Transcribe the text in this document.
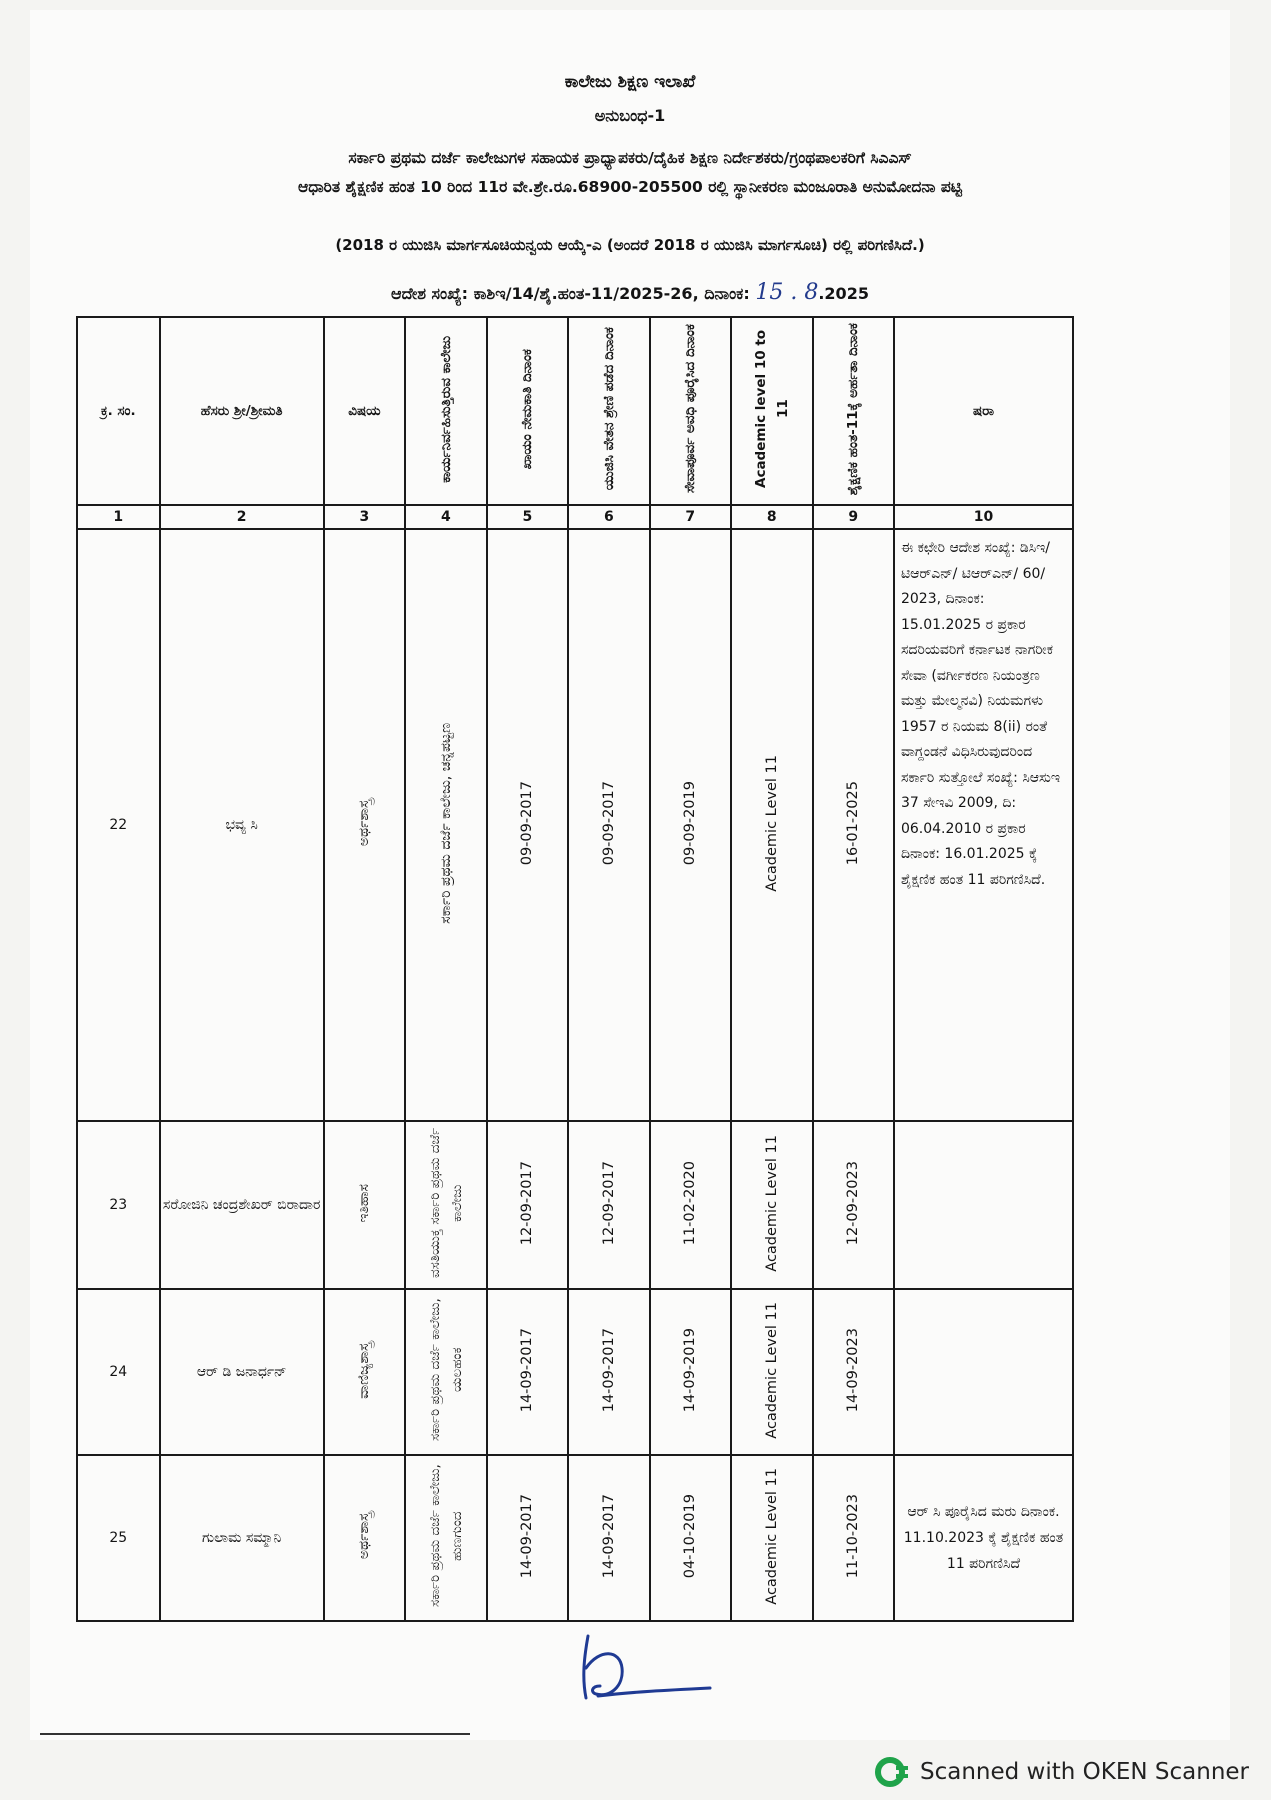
ಕಾಲೇಜು ಶಿಕ್ಷಣ ಇಲಾಖೆ
ಅನುಬಂಧ-1
ಸರ್ಕಾರಿ ಪ್ರಥಮ ದರ್ಜೆ ಕಾಲೇಜುಗಳ ಸಹಾಯಕ ಪ್ರಾಧ್ಯಾಪಕರು/ದೈಹಿಕ ಶಿಕ್ಷಣ ನಿರ್ದೇಶಕರು/ಗ್ರಂಥಪಾಲಕರಿಗೆ ಸಿಎಎಸ್
ಆಧಾರಿತ ಶೈಕ್ಷಣಿಕ ಹಂತ 10 ರಿಂದ 11ರ ವೇ.ಶ್ರೇ.ರೂ.68900-205500 ರಲ್ಲಿ ಸ್ಥಾನೀಕರಣ ಮಂಜೂರಾತಿ ಅನುಮೋದನಾ ಪಟ್ಟಿ
(2018 ರ ಯುಜಿಸಿ ಮಾರ್ಗಸೂಚಿಯನ್ವಯ ಆಯ್ಕೆ-ಎ (ಅಂದರೆ 2018 ರ ಯುಜಿಸಿ ಮಾರ್ಗಸೂಚಿ) ರಲ್ಲಿ ಪರಿಗಣಿಸಿದೆ.)
ಆದೇಶ ಸಂಖ್ಯೆ: ಕಾಶಿಇ/14/ಶೈ.ಹಂತ-11/2025-26, ದಿನಾಂಕ: 15 . 8.2025
ಕ್ರ. ಸಂ.	ಹೆಸರು ಶ್ರೀ/ಶ್ರೀಮತಿ	ವಿಷಯ	ಕಾರ್ಯನಿರ್ವಹಿಸುತ್ತಿರುವ ಕಾಲೇಜು	ಖಾಯಂ ನೇಮಕಾತಿ ದಿನಾಂಕ	ಯುಜಿಸಿ ವೇತನ ಶ್ರೇಣಿ ಪಡೆದ ದಿನಾಂಕ	ಸೇವಾಪೂರ್ವ ಅವಧಿ ಪೂರೈಸಿದ ದಿನಾಂಕ	Academic level 10 to 11	ಶೈಕ್ಷಣಿಕ ಹಂತ-11ಕ್ಕೆ ಅರ್ಹತಾ ದಿನಾಂಕ	ಷರಾ
1	2	3	4	5	6	7	8	9	10
22	ಭವ್ಯ ಸಿ	ಅರ್ಥಶಾಸ್ತ್ರ	ಸರ್ಕಾರಿ ಪ್ರಥಮ ದರ್ಜೆ ಕಾಲೇಜು, ಚನ್ನಪಟ್ಟಣ	09-09-2017	09-09-2017	09-09-2019	Academic Level 11	16-01-2025	ಈ ಕಛೇರಿ ಆದೇಶ ಸಂಖ್ಯೆ: ಡಿಸಿಇ/ ಟಿಆರ್‌ಎನ್/ ಟಿಆರ್‌ಎನ್/ 60/ 2023, ದಿನಾಂಕ: 15.01.2025 ರ ಪ್ರಕಾರ ಸದರಿಯವರಿಗೆ ಕರ್ನಾಟಕ ನಾಗರೀಕ ಸೇವಾ (ವರ್ಗೀಕರಣ ನಿಯಂತ್ರಣ ಮತ್ತು ಮೇಲ್ಮನವಿ) ನಿಯಮಗಳು 1957 ರ ನಿಯಮ 8(ii) ರಂತೆ ವಾಗ್ದಂಡನೆ ವಿಧಿಸಿರುವುದರಿಂದ ಸರ್ಕಾರಿ ಸುತ್ತೋಲೆ ಸಂಖ್ಯೆ: ಸಿಆಸುಇ 37 ಸೇಇವಿ 2009, ದಿ: 06.04.2010 ರ ಪ್ರಕಾರ ದಿನಾಂಕ: 16.01.2025 ಕ್ಕೆ ಶೈಕ್ಷಣಿಕ ಹಂತ 11 ಪರಿಗಣಿಸಿದೆ.
23	ಸರೋಜಿನಿ ಚಂದ್ರಶೇಖರ್ ಬಿರಾದಾರ	ಇತಿಹಾಸ	ವಸತಿಯುಕ್ತ ಸರ್ಕಾರಿ ಪ್ರಥಮ ದರ್ಜೆ ಕಾಲೇಜು	12-09-2017	12-09-2017	11-02-2020	Academic Level 11	12-09-2023	
24	ಆರ್ ಡಿ ಜನಾರ್ಧನ್	ವಾಣಿಜ್ಯಶಾಸ್ತ್ರ	ಸರ್ಕಾರಿ ಪ್ರಥಮ ದರ್ಜೆ ಕಾಲೇಜು, ಯಲಹಂಕ	14-09-2017	14-09-2017	14-09-2019	Academic Level 11	14-09-2023	
25	ಗುಲಾಮ ಸಮ್ಮಾನಿ	ಅರ್ಥಶಾಸ್ತ್ರ	ಸರ್ಕಾರಿ ಪ್ರಥಮ ದರ್ಜೆ ಕಾಲೇಜು, ಹುಣಗುಂದ	14-09-2017	14-09-2017	04-10-2019	Academic Level 11	11-10-2023	ಆರ್ ಸಿ ಪೂರೈಸಿದ ಮರು ದಿನಾಂಕ. 11.10.2023 ಕ್ಕೆ ಶೈಕ್ಷಣಿಕ ಹಂತ 11 ಪರಿಗಣಿಸಿದೆ
Scanned with OKEN Scanner
